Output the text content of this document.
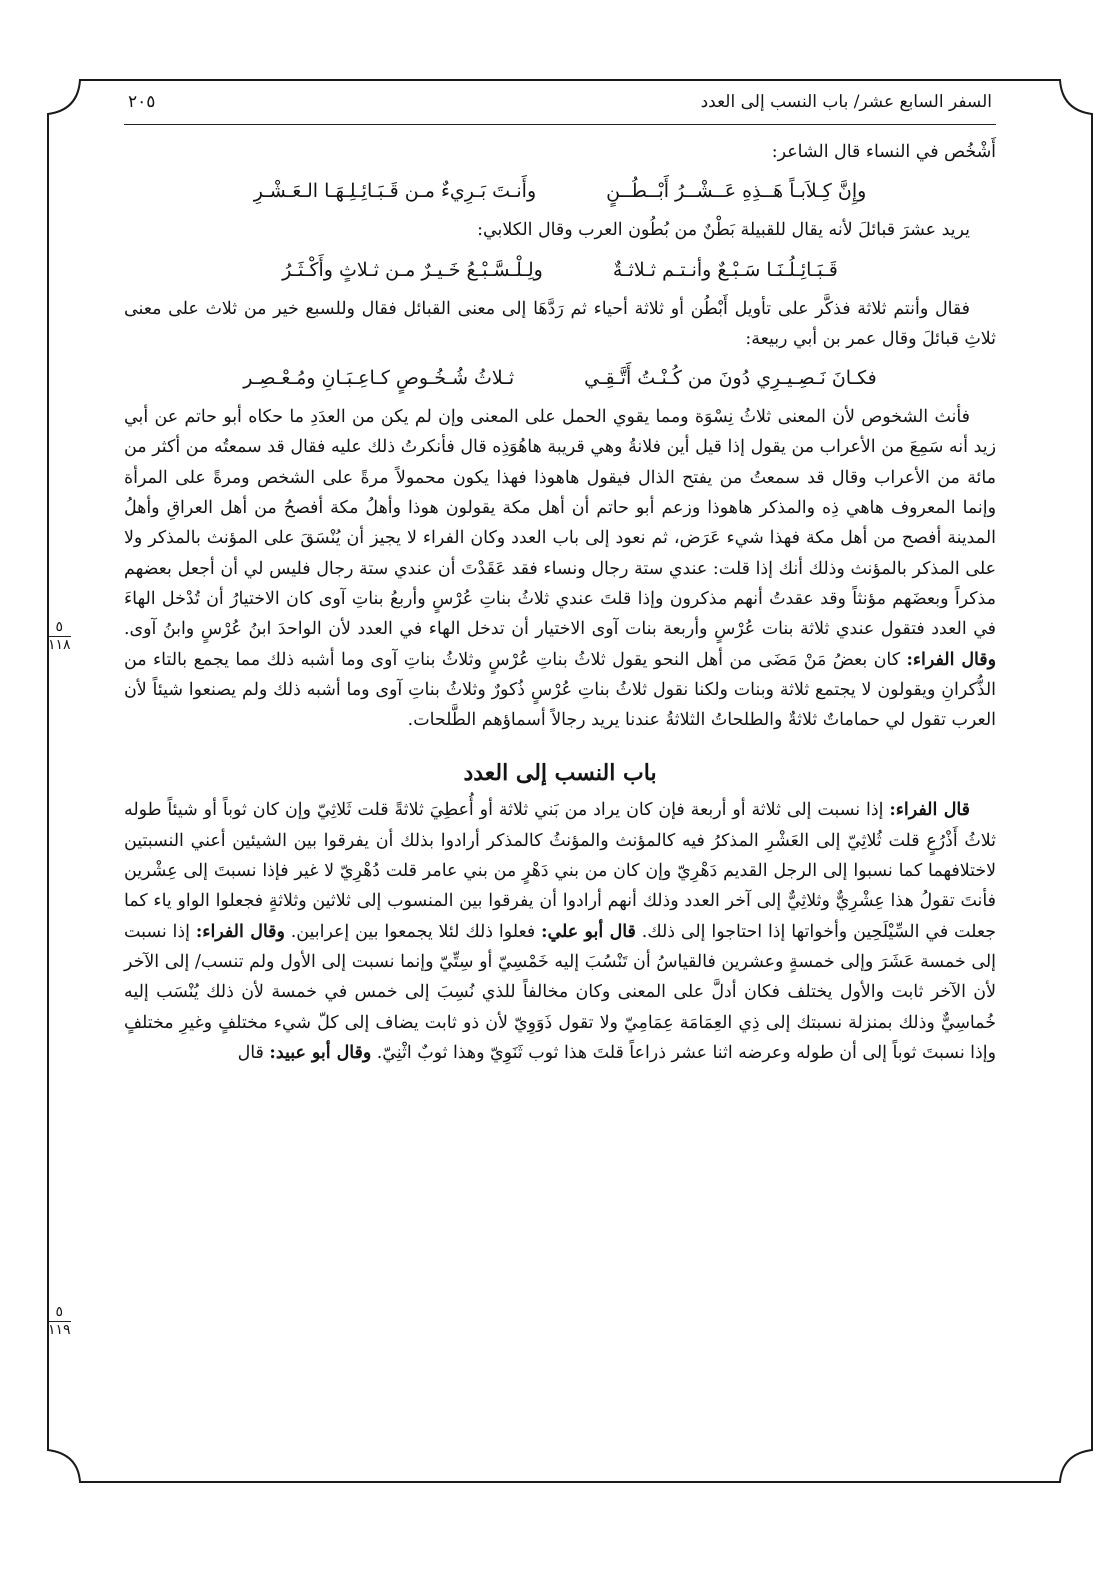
السفر السابع عشر/ باب النسب إلى العدد
٢٠٥

أَشْخُص في النساء قال الشاعر:

وإِنَّ كِـلاَبـاً هَــذِهِ عَــشْــرُ أَبْــطُــنٍ
وأَنـتَ بَـرِيءٌ مـن قَـبَـائِـلِـهَـا الـعَـشْـرِ

يريد عشرَ قبائلَ لأنه يقال للقبيلة بَطْنٌ من بُطُون العرب وقال الكلابي:

قَـبَـائِـلُـنَـا سَـبْـعٌ وأنـتـم ثـلاثـةٌ
ولِـلْـسَّـبْـعُ خَـيـرٌ مـن ثـلاثٍ وأَكْـثَـرُ

فقال وأنتم ثلاثة فذكَّر على تأويل أَبْطُن أو ثلاثة أحياء ثم رَدَّهَا إلى معنى القبائل فقال وللسبع خير من ثلاث على معنى ثلاثِ قبائلَ وقال عمر بن أبي ربيعة:

فكـانَ نَـصِـيـرِي دُونَ من كُـنْـتُ أَتَّـقِـي
ثـلاثُ شُـخُـوصٍ كـاعِـبَـانِ ومُـعْـصِـر

فأنث الشخوص لأن المعنى ثلاثُ نِسْوَة ومما يقوي الحمل على المعنى وإن لم يكن من العدَدِ ما حكاه أبو حاتم عن أبي زيد أنه سَمِعَ من الأعراب من يقول إذا قيل أين فلانةُ وهي قريبة هاهُوَذِه قال فأنكرتُ ذلك عليه فقال قد سمعتُه من أكثر من مائة من الأعراب وقال قد سمعتُ من يفتح الذال فيقول هاهوذا فهذا يكون محمولاً مرةً على الشخص ومرةً على المرأة وإنما المعروف هاهي ذِه والمذكر هاهوذا وزعم أبو حاتم أن أهل مكة يقولون هوذا وأهلُ مكة أفصحُ من أهل العراقِ وأهلُ المدينة أفصح من أهل مكة فهذا شيء عَرَض، ثم نعود إلى باب العدد وكان الفراء لا يجيز أن يُنْسَقَ على المؤنث بالمذكر ولا على المذكر بالمؤنث وذلك أنك إذا قلت: عندي ستة رجال ونساء فقد عَقَدْتَ أن عندي ستة رجال فليس لي أن أجعل بعضهم مذكراً وبعضَهم مؤنثاً وقد عقدتُ أنهم مذكرون وإذا قلتَ عندي ثلاثُ بناتِ عُرْسٍ وأربعُ بناتِ آوى كان الاختيارُ أن تُدْخل الهاءَ في العدد فتقول عندي ثلاثة بنات عُرْسٍ وأربعة بنات آوى الاختيار أن تدخل الهاء في العدد لأن الواحدَ ابنُ عُرْسٍ وابنُ آوى. وقال الفراء: كان بعضُ مَنْ مَضَى من أهل النحو يقول ثلاثُ بناتِ عُرْسٍ وثلاثُ بناتِ آوى وما أشبه ذلك مما يجمع بالتاء من الذُّكرانِ ويقولون لا يجتمع ثلاثة وبنات ولكنا نقول ثلاثُ بناتِ عُرْسٍ ذُكورٌ وثلاثُ بناتِ آوى وما أشبه ذلك ولم يصنعوا شيئاً لأن العرب تقول لي حماماتٌ ثلاثةٌ والطلحاتُ الثلاثةُ عندنا يريد رجالاً أسماؤهم الطَّلحات.

باب النسب إلى العدد

قال الفراء: إذا نسبت إلى ثلاثة أو أربعة فإن كان يراد من بَني ثلاثة أو أُعطِيَ ثلاثةً قلت ثَلاثِيّ وإن كان ثوباً أو شيئاً طوله ثلاثُ أَذْرُعٍ قلت ثُلاثِيّ إلى العَشْرِ المذكرُ فيه كالمؤنث والمؤنثُ كالمذكر أرادوا بذلك أن يفرقوا بين الشيئين أعني النسبتين لاختلافهما كما نسبوا إلى الرجل القديم دَهْرِيّ وإن كان من بني دَهْرٍ من بني عامر قلت دُهْرِيّ لا غير فإذا نسبتَ إلى عِشْرين فأنتَ تقولُ هذا عِشْرِيٌّ وثلاثِيٌّ إلى آخر العدد وذلك أنهم أرادوا أن يفرقوا بين المنسوب إلى ثلاثين وثلاثةٍ فجعلوا الواو ياء كما جعلت في السِّيْلَحِين وأخواتها إذا احتاجوا إلى ذلك. قال أبو علي: فعلوا ذلك لئلا يجمعوا بين إعرابين. وقال الفراء: إذا نسبت إلى خمسة عَشَرَ وإلى خمسةٍ وعشرين فالقياسُ أن تَنْسُبَ إليه خَمْسِيّ أو سِتِّيّ وإنما نسبت إلى الأول ولم تنسب/ إلى الآخر لأن الآخر ثابت والأول يختلف فكان أدلَّ على المعنى وكان مخالفاً للذي نُسِبَ إلى خمس في خمسة لأن ذلك يُنْسَب إليه خُماسِيٌّ وذلك بمنزلة نسبتك إلى ذِي العِمَامَة عِمَامِيّ ولا تقول ذَوَوِيّ لأن ذو ثابت يضاف إلى كلّ شيء مختلفٍ وغيرِ مختلفٍ وإذا نسبتَ ثوباً إلى أن طوله وعرضه اثنا عشر ذراعاً قلتَ هذا ثوب ثَنَوِيّ وهذا ثوبٌ اثْنِيّ. وقال أبو عبيد: قال

٥
١١٨
٥
١١٩
